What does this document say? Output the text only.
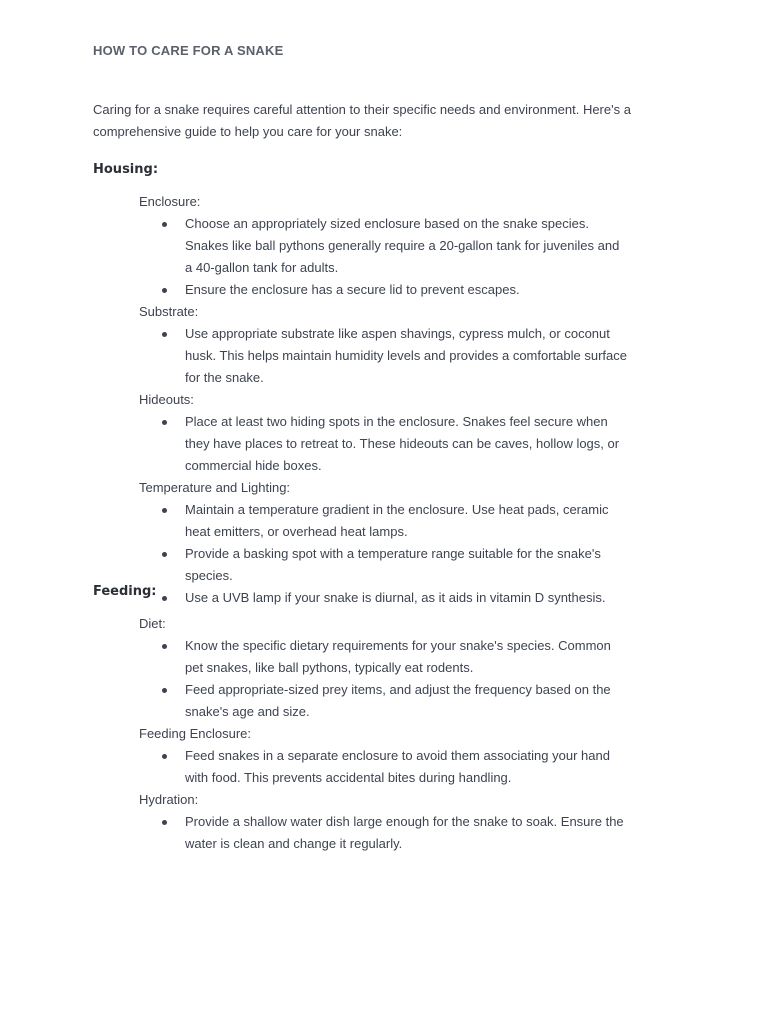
HOW TO CARE FOR A SNAKE

Caring for a snake requires careful attention to their specific needs and environment. Here's a comprehensive guide to help you care for your snake:

Housing:

Enclosure:

Choose an appropriately sized enclosure based on the snake species. Snakes like ball pythons generally require a 20-gallon tank for juveniles and a 40-gallon tank for adults.
Ensure the enclosure has a secure lid to prevent escapes.

Substrate:

Use appropriate substrate like aspen shavings, cypress mulch, or coconut husk. This helps maintain humidity levels and provides a comfortable surface for the snake.

Hideouts:

Place at least two hiding spots in the enclosure. Snakes feel secure when they have places to retreat to. These hideouts can be caves, hollow logs, or commercial hide boxes.

Temperature and Lighting:

Maintain a temperature gradient in the enclosure. Use heat pads, ceramic heat emitters, or overhead heat lamps.
Provide a basking spot with a temperature range suitable for the snake's species.
Use a UVB lamp if your snake is diurnal, as it aids in vitamin D synthesis.
Feeding:

Diet:

Know the specific dietary requirements for your snake's species. Common pet snakes, like ball pythons, typically eat rodents.
Feed appropriate-sized prey items, and adjust the frequency based on the snake's age and size.

Feeding Enclosure:

Feed snakes in a separate enclosure to avoid them associating your hand with food. This prevents accidental bites during handling.

Hydration:

Provide a shallow water dish large enough for the snake to soak. Ensure the water is clean and change it regularly.
